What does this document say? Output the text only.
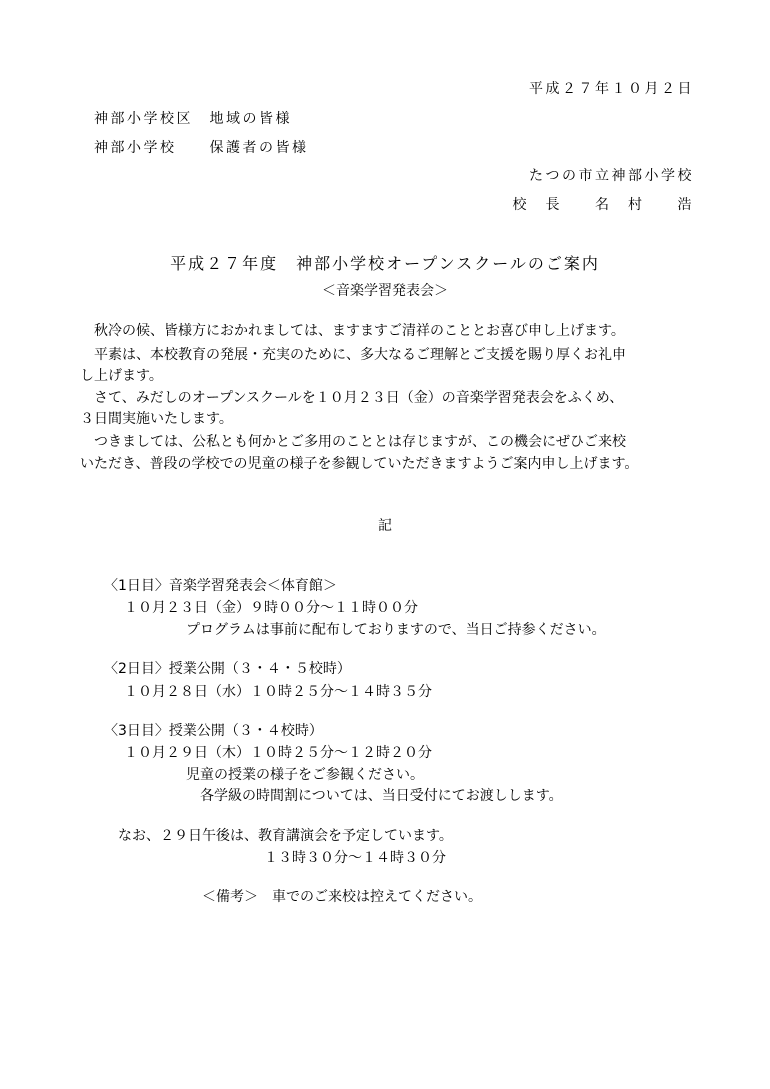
平成２７年１０月２日

神部小学校区　地域の皆様

神部小学校　　保護者の皆様

たつの市立神部小学校

校　長　　名　村　　浩

平成２７年度　神部小学校オープンスクールのご案内

＜音楽学習発表会＞

秋冷の候、皆様方におかれましては、ますますご清祥のこととお喜び申し上げます。

平素は、本校教育の発展・充実のために、多大なるご理解とご支援を賜り厚くお礼申

し上げます。

さて、みだしのオープンスクールを１０月２３日（金）の音楽学習発表会をふくめ、

３日間実施いたします。

つきましては、公私とも何かとご多用のこととは存じますが、この機会にぜひご来校

いただき、普段の学校での児童の様子を参観していただきますようご案内申し上げます。

記

〈1日目〉音楽学習発表会＜体育館＞

１０月２３日（金）９時００分～１１時００分

プログラムは事前に配布しておりますので、当日ご持参ください。

〈2日目〉授業公開（３・４・５校時）

１０月２８日（水）１０時２５分～１４時３５分

〈3日目〉授業公開（３・４校時）

１０月２９日（木）１０時２５分～１２時２０分

児童の授業の様子をご参観ください。

各学級の時間割については、当日受付にてお渡しします。

なお、２９日午後は、教育講演会を予定しています。

１３時３０分～１４時３０分

＜備考＞　車でのご来校は控えてください。
